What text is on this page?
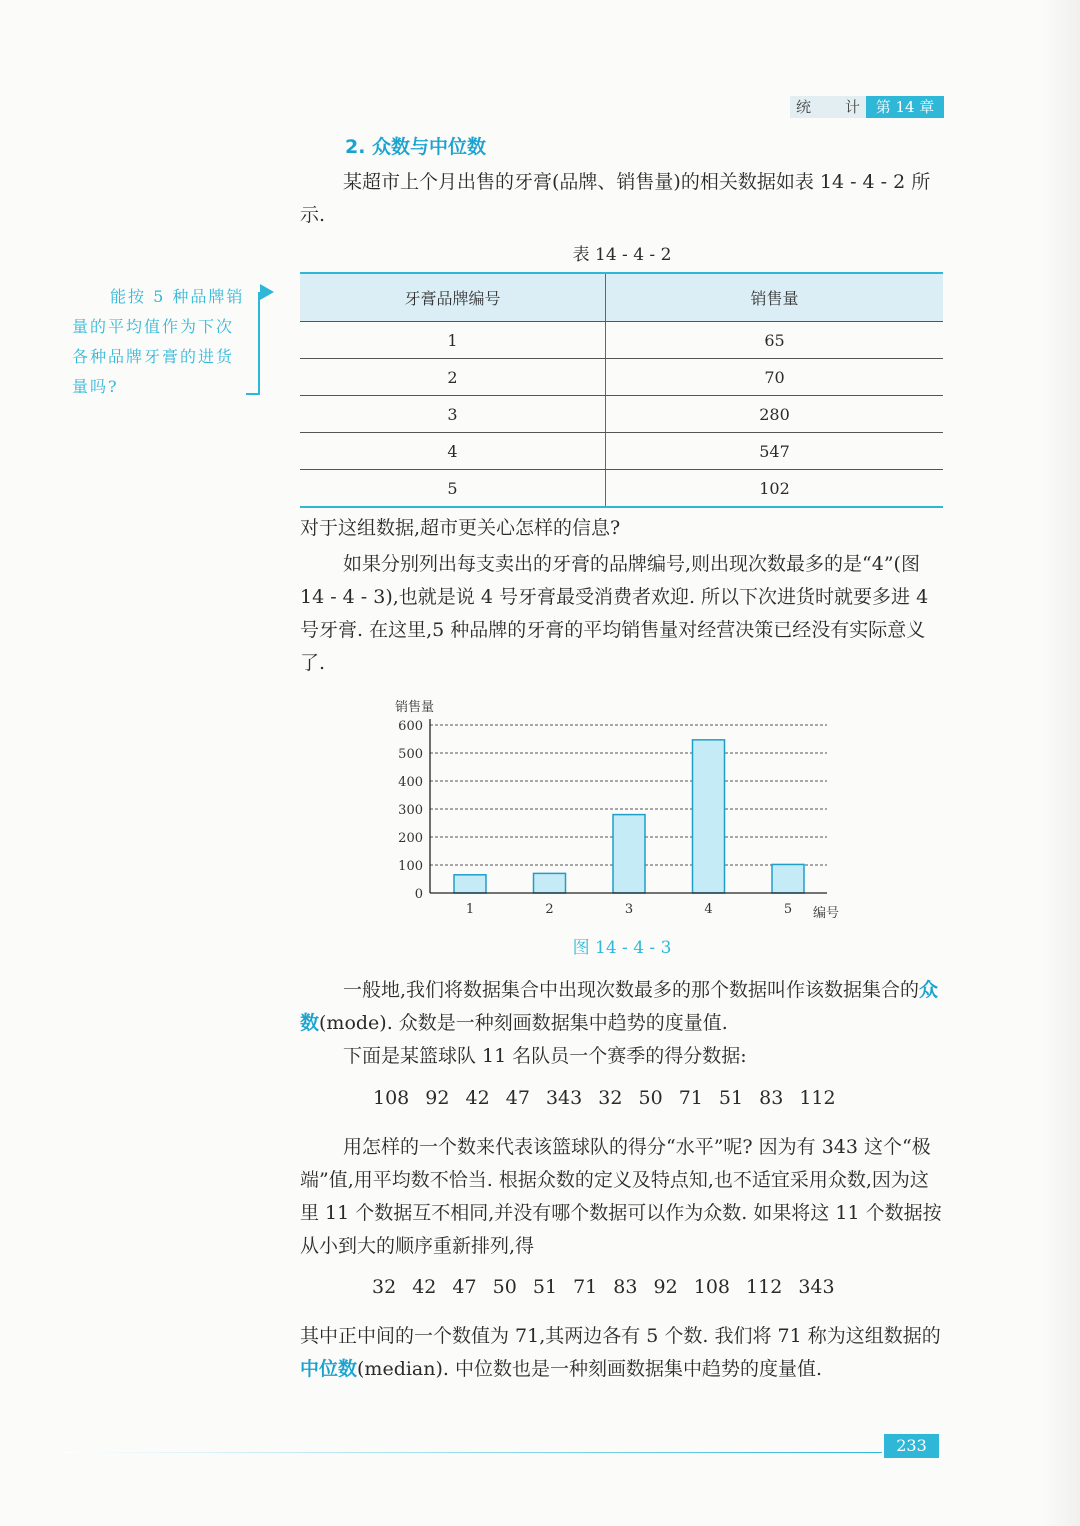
统 计	第 14 章
2. 众数与中位数

某超市上个月出售的牙膏(品牌、销售量)的相关数据如表 14 - 4 - 2 所示.

表 14 - 4 - 2
牙膏品牌编号	销售量
1	65
2	70
3	280
4	547
5	102
能按 5 种品牌销量的平均值作为下次各种品牌牙膏的进货量吗?

对于这组数据,超市更关心怎样的信息?

如果分别列出每支卖出的牙膏的品牌编号,则出现次数最多的是“4”(图 14 - 4 - 3),也就是说 4 号牙膏最受消费者欢迎. 所以下次进货时就要多进 4 号牙膏. 在这里,5 种品牌的牙膏的平均销售量对经营决策已经没有实际意义了.

0
100
200
300
400
500
600
1	2	3	4	5
销售量
编号
图 14 - 4 - 3

一般地,我们将数据集合中出现次数最多的那个数据叫作该数据集合的众数(mode). 众数是一种刻画数据集中趋势的度量值.

下面是某篮球队 11 名队员一个赛季的得分数据:

108 92 42 47 343 32 50 71 51 83 112

用怎样的一个数来代表该篮球队的得分“水平”呢? 因为有 343 这个“极端”值,用平均数不恰当. 根据众数的定义及特点知,也不适宜采用众数,因为这里 11 个数据互不相同,并没有哪个数据可以作为众数. 如果将这 11 个数据按从小到大的顺序重新排列,得

32 42 47 50 51 71 83 92 108 112 343

其中正中间的一个数值为 71,其两边各有 5 个数. 我们将 71 称为这组数据的中位数(median). 中位数也是一种刻画数据集中趋势的度量值.

233
